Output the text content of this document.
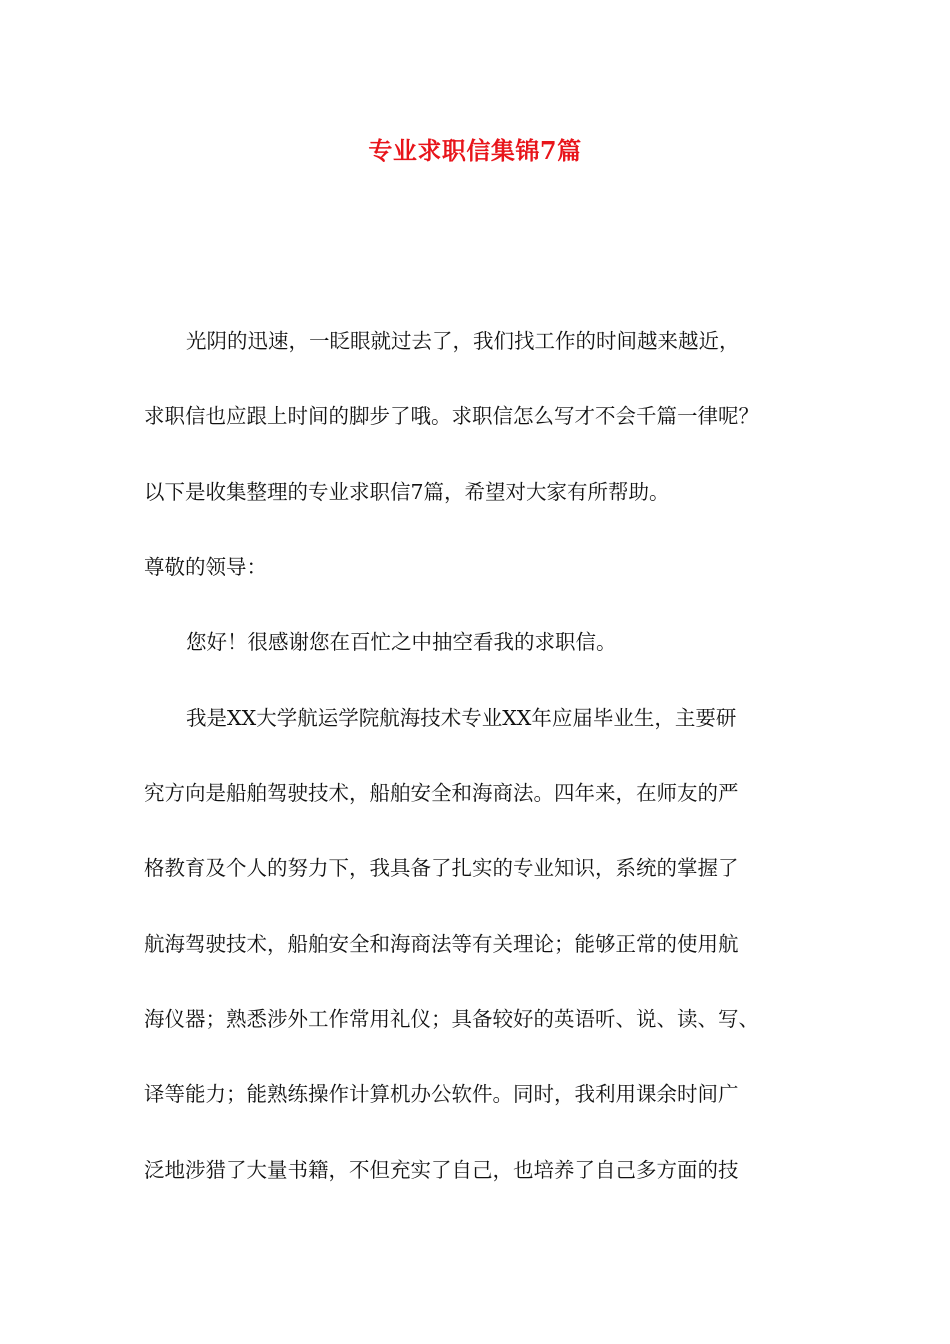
专业求职信集锦7篇
光阴的迅速，一眨眼就过去了，我们找工作的时间越来越近，
求职信也应跟上时间的脚步了哦。求职信怎么写才不会千篇一律呢？
以下是收集整理的专业求职信7篇，希望对大家有所帮助。
尊敬的领导：
您好！很感谢您在百忙之中抽空看我的求职信。
我是XX大学航运学院航海技术专业XX年应届毕业生，主要研
究方向是船舶驾驶技术，船舶安全和海商法。四年来，在师友的严
格教育及个人的努力下，我具备了扎实的专业知识，系统的掌握了
航海驾驶技术，船舶安全和海商法等有关理论；能够正常的使用航
海仪器；熟悉涉外工作常用礼仪；具备较好的英语听、说、读、写、
译等能力；能熟练操作计算机办公软件。同时，我利用课余时间广
泛地涉猎了大量书籍，不但充实了自己，也培养了自己多方面的技
